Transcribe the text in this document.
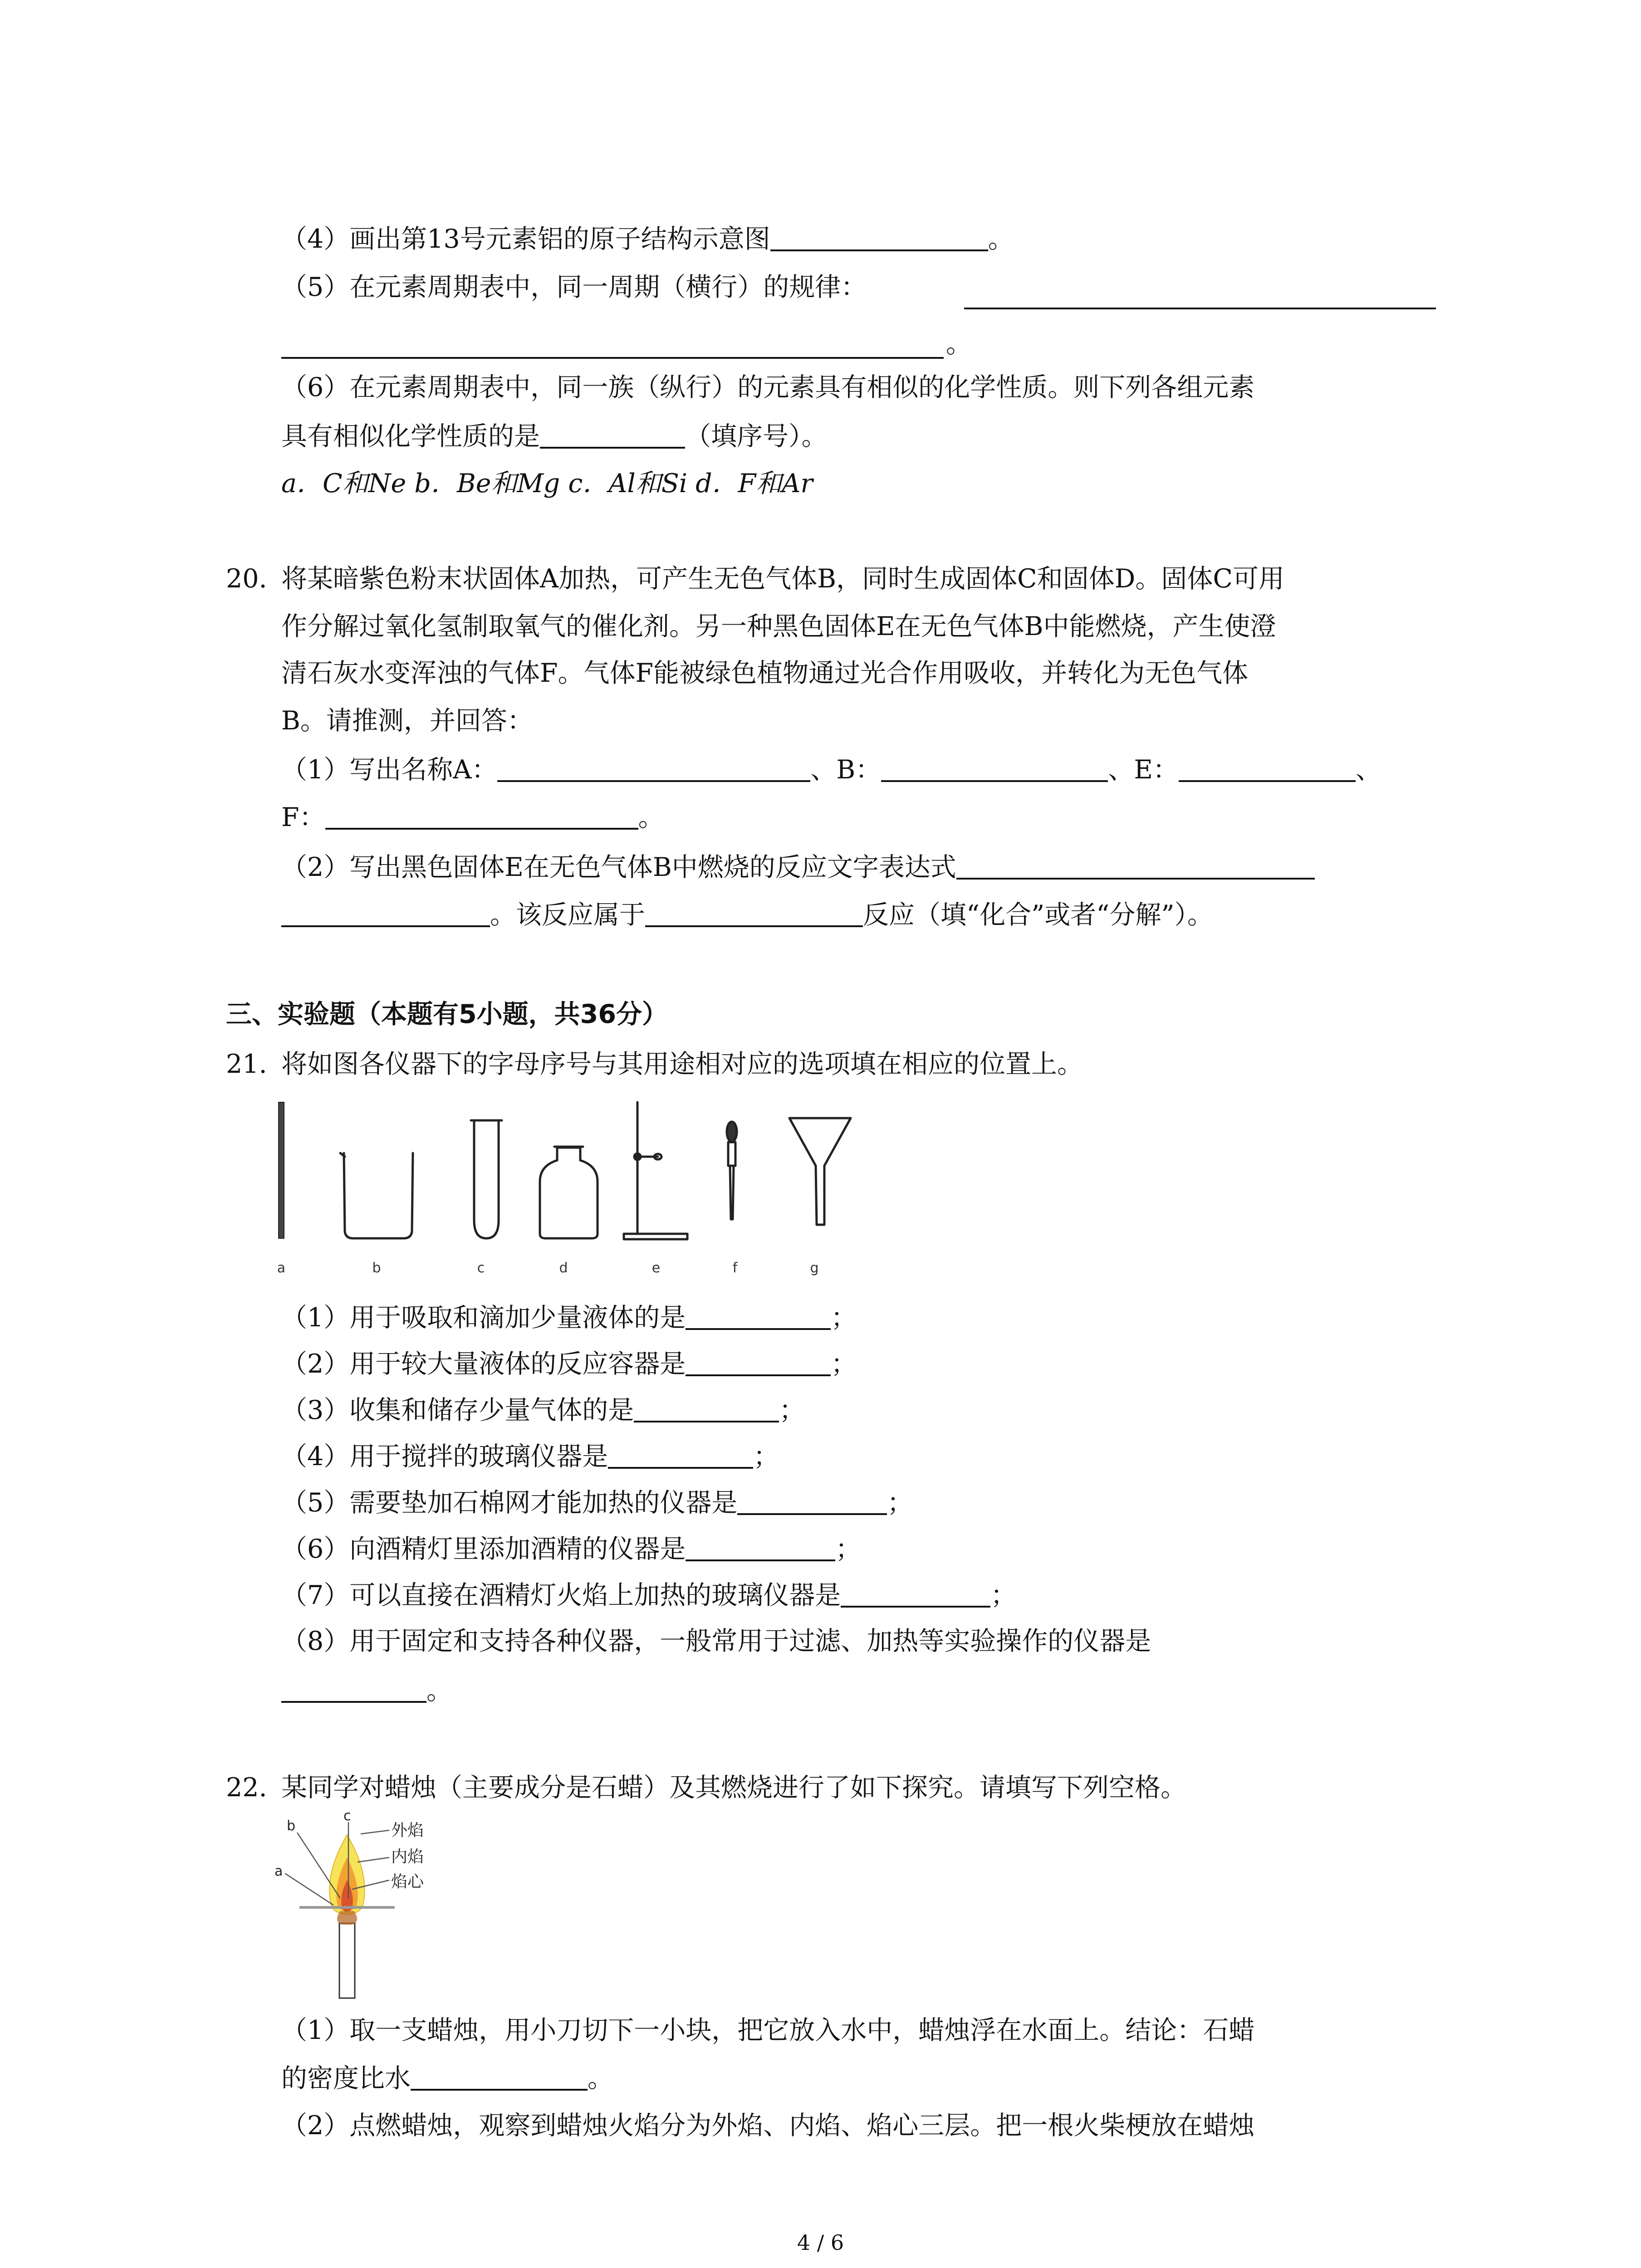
（4）画出第13号元素铝的原子结构示意图	。
（5）在元素周期表中，同一周期（横行）的规律：
。
（6）在元素周期表中，同一族（纵行）的元素具有相似的化学性质。则下列各组元素
具有相似化学性质的是	（填序号）。
a．C和Ne b．Be和Mg c．Al和Si d．F和Ar
20. 将某暗紫色粉末状固体A加热，可产生无色气体B，同时生成固体C和固体D。固体C可用
作分解过氧化氢制取氧气的催化剂。另一种黑色固体E在无色气体B中能燃烧，产生使澄
清石灰水变浑浊的气体F。气体F能被绿色植物通过光合作用吸收，并转化为无色气体
B。请推测，并回答：
（1）写出名称A：	、B：	、E：	、
F：	。
（2）写出黑色固体E在无色气体B中燃烧的反应文字表达式
。该反应属于	反应（填“化合”或者“分解”）。
三、实验题（本题有5小题，共36分）
21. 将如图各仪器下的字母序号与其用途相对应的选项填在相应的位置上。
a	b	c	d	e	f	g
（1）用于吸取和滴加少量液体的是	；
（2）用于较大量液体的反应容器是	；
（3）收集和储存少量气体的是	；
（4）用于搅拌的玻璃仪器是	；
（5）需要垫加石棉网才能加热的仪器是	；
（6）向酒精灯里添加酒精的仪器是	；
（7）可以直接在酒精灯火焰上加热的玻璃仪器是	；
（8）用于固定和支持各种仪器，一般常用于过滤、加热等实验操作的仪器是
。
22. 某同学对蜡烛（主要成分是石蜡）及其燃烧进行了如下探究。请填写下列空格。
a
b
c
外焰
内焰
焰心
（1）取一支蜡烛，用小刀切下一小块，把它放入水中，蜡烛浮在水面上。结论：石蜡
的密度比水	。
（2）点燃蜡烛，观察到蜡烛火焰分为外焰、内焰、焰心三层。把一根火柴梗放在蜡烛
4 / 6
